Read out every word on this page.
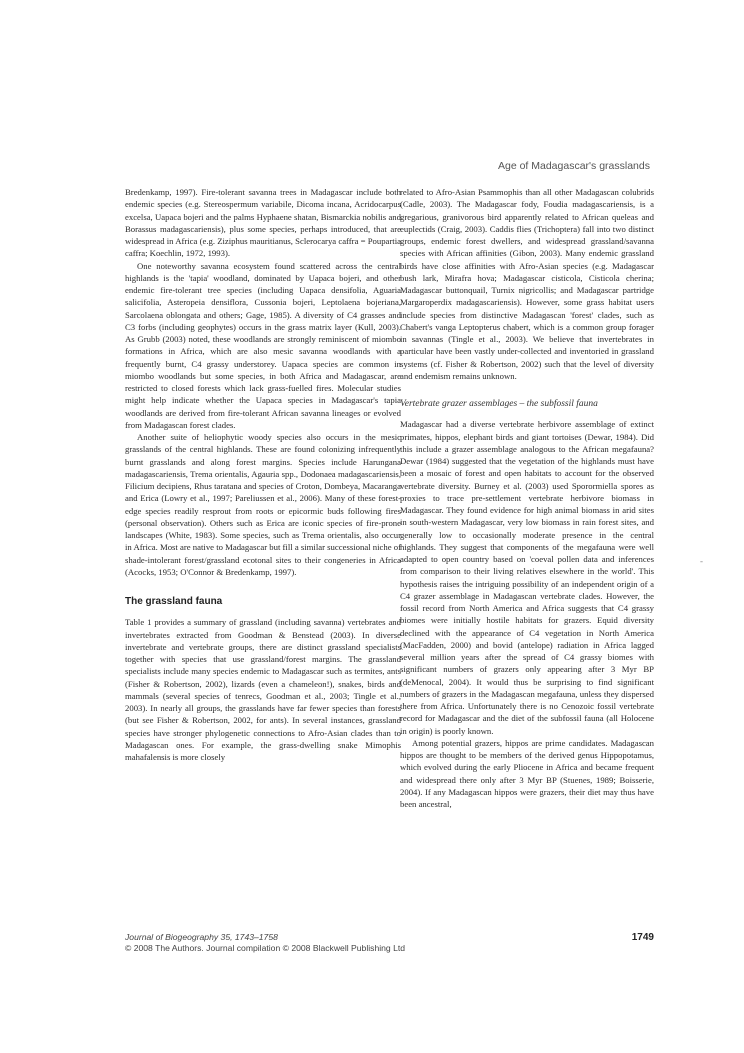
Age of Madagascar's grasslands

Bredenkamp, 1997). Fire-tolerant savanna trees in Madagascar include both endemic species (e.g. Stereospermum variabile, Dicoma incana, Acridocarpus excelsa, Uapaca bojeri and the palms Hyphaene shatan, Bismarckia nobilis and Borassus madagascariensis), plus some species, perhaps introduced, that are widespread in Africa (e.g. Ziziphus mauritianus, Sclerocarya caffra = Poupartia caffra; Koechlin, 1972, 1993).

One noteworthy savanna ecosystem found scattered across the central highlands is the 'tapia' woodland, dominated by Uapaca bojeri, and other endemic fire-tolerant tree species (including Uapaca densifolia, Aguaria salicifolia, Asteropeia densiflora, Cussonia bojeri, Leptolaena bojeriana, Sarcolaena oblongata and others; Gage, 1985). A diversity of C4 grasses and C3 forbs (including geophytes) occurs in the grass matrix layer (Kull, 2003). As Grubb (2003) noted, these woodlands are strongly reminiscent of miombo formations in Africa, which are also mesic savanna woodlands with a frequently burnt, C4 grassy understorey. Uapaca species are common in miombo woodlands but some species, in both Africa and Madagascar, are restricted to closed forests which lack grass-fuelled fires. Molecular studies might help indicate whether the Uapaca species in Madagascar's tapia woodlands are derived from fire-tolerant African savanna lineages or evolved from Madagascan forest clades.

Another suite of heliophytic woody species also occurs in the mesic grasslands of the central highlands. These are found colonizing infrequently burnt grasslands and along forest margins. Species include Harungana madagascariensis, Trema orientalis, Agauria spp., Dodonaea madagascariensis, Filicium decipiens, Rhus taratana and species of Croton, Dombeya, Macaranga and Erica (Lowry et al., 1997; Pareliussen et al., 2006). Many of these forest-edge species readily resprout from roots or epicormic buds following fires (personal observation). Others such as Erica are iconic species of fire-prone landscapes (White, 1983). Some species, such as Trema orientalis, also occur in Africa. Most are native to Madagascar but fill a similar successional niche of shade-intolerant forest/grassland ecotonal sites to their congeneries in Africa (Acocks, 1953; O'Connor & Bredenkamp, 1997).

The grassland fauna

Table 1 provides a summary of grassland (including savanna) vertebrates and invertebrates extracted from Goodman & Benstead (2003). In diverse invertebrate and vertebrate groups, there are distinct grassland specialists together with species that use grassland/forest margins. The grassland specialists include many species endemic to Madagascar such as termites, ants (Fisher & Robertson, 2002), lizards (even a chameleon!), snakes, birds and mammals (several species of tenrecs, Goodman et al., 2003; Tingle et al., 2003). In nearly all groups, the grasslands have far fewer species than forests (but see Fisher & Robertson, 2002, for ants). In several instances, grassland species have stronger phylogenetic connections to Afro-Asian clades than to Madagascan ones. For example, the grass-dwelling snake Mimophis mahafalensis is more closely

related to Afro-Asian Psammophis than all other Madagascan colubrids (Cadle, 2003). The Madagascar fody, Foudia madagascariensis, is a gregarious, granivorous bird apparently related to African queleas and euplectids (Craig, 2003). Caddis flies (Trichoptera) fall into two distinct groups, endemic forest dwellers, and widespread grassland/savanna species with African affinities (Gibon, 2003). Many endemic grassland birds have close affinities with Afro-Asian species (e.g. Madagascar bush lark, Mirafra hova; Madagascar cisticola, Cisticola cherina; Madagascar buttonquail, Turnix nigricollis; and Madagascar partridge Margaroperdix madagascariensis). However, some grass habitat users include species from distinctive Madagascan 'forest' clades, such as Chabert's vanga Leptopterus chabert, which is a common group forager in savannas (Tingle et al., 2003). We believe that invertebrates in particular have been vastly under-collected and inventoried in grassland systems (cf. Fisher & Robertson, 2002) such that the level of diversity and endemism remains unknown.

Vertebrate grazer assemblages – the subfossil fauna

Madagascar had a diverse vertebrate herbivore assemblage of extinct primates, hippos, elephant birds and giant tortoises (Dewar, 1984). Did this include a grazer assemblage analogous to the African megafauna? Dewar (1984) suggested that the vegetation of the highlands must have been a mosaic of forest and open habitats to account for the observed vertebrate diversity. Burney et al. (2003) used Sporormiella spores as proxies to trace pre-settlement vertebrate herbivore biomass in Madagascar. They found evidence for high animal biomass in arid sites in south-western Madagascar, very low biomass in rain forest sites, and generally low to occasionally moderate presence in the central highlands. They suggest that components of the megafauna were well adapted to open country based on 'coeval pollen data and inferences from comparison to their living relatives elsewhere in the world'. This hypothesis raises the intriguing possibility of an independent origin of a C4 grazer assemblage in Madagascan vertebrate clades. However, the fossil record from North America and Africa suggests that C4 grassy biomes were initially hostile habitats for grazers. Equid diversity declined with the appearance of C4 vegetation in North America (MacFadden, 2000) and bovid (antelope) radiation in Africa lagged several million years after the spread of C4 grassy biomes with significant numbers of grazers only appearing after 3 Myr BP (deMenocal, 2004). It would thus be surprising to find significant numbers of grazers in the Madagascan megafauna, unless they dispersed there from Africa. Unfortunately there is no Cenozoic fossil vertebrate record for Madagascar and the diet of the subfossil fauna (all Holocene in origin) is poorly known.

Among potential grazers, hippos are prime candidates. Madagascan hippos are thought to be members of the derived genus Hippopotamus, which evolved during the early Pliocene in Africa and became frequent and widespread there only after 3 Myr BP (Stuenes, 1989; Boisserie, 2004). If any Madagascan hippos were grazers, their diet may thus have been ancestral,

-
Journal of Biogeography 35, 1743–1758
© 2008 The Authors. Journal compilation © 2008 Blackwell Publishing Ltd
1749
